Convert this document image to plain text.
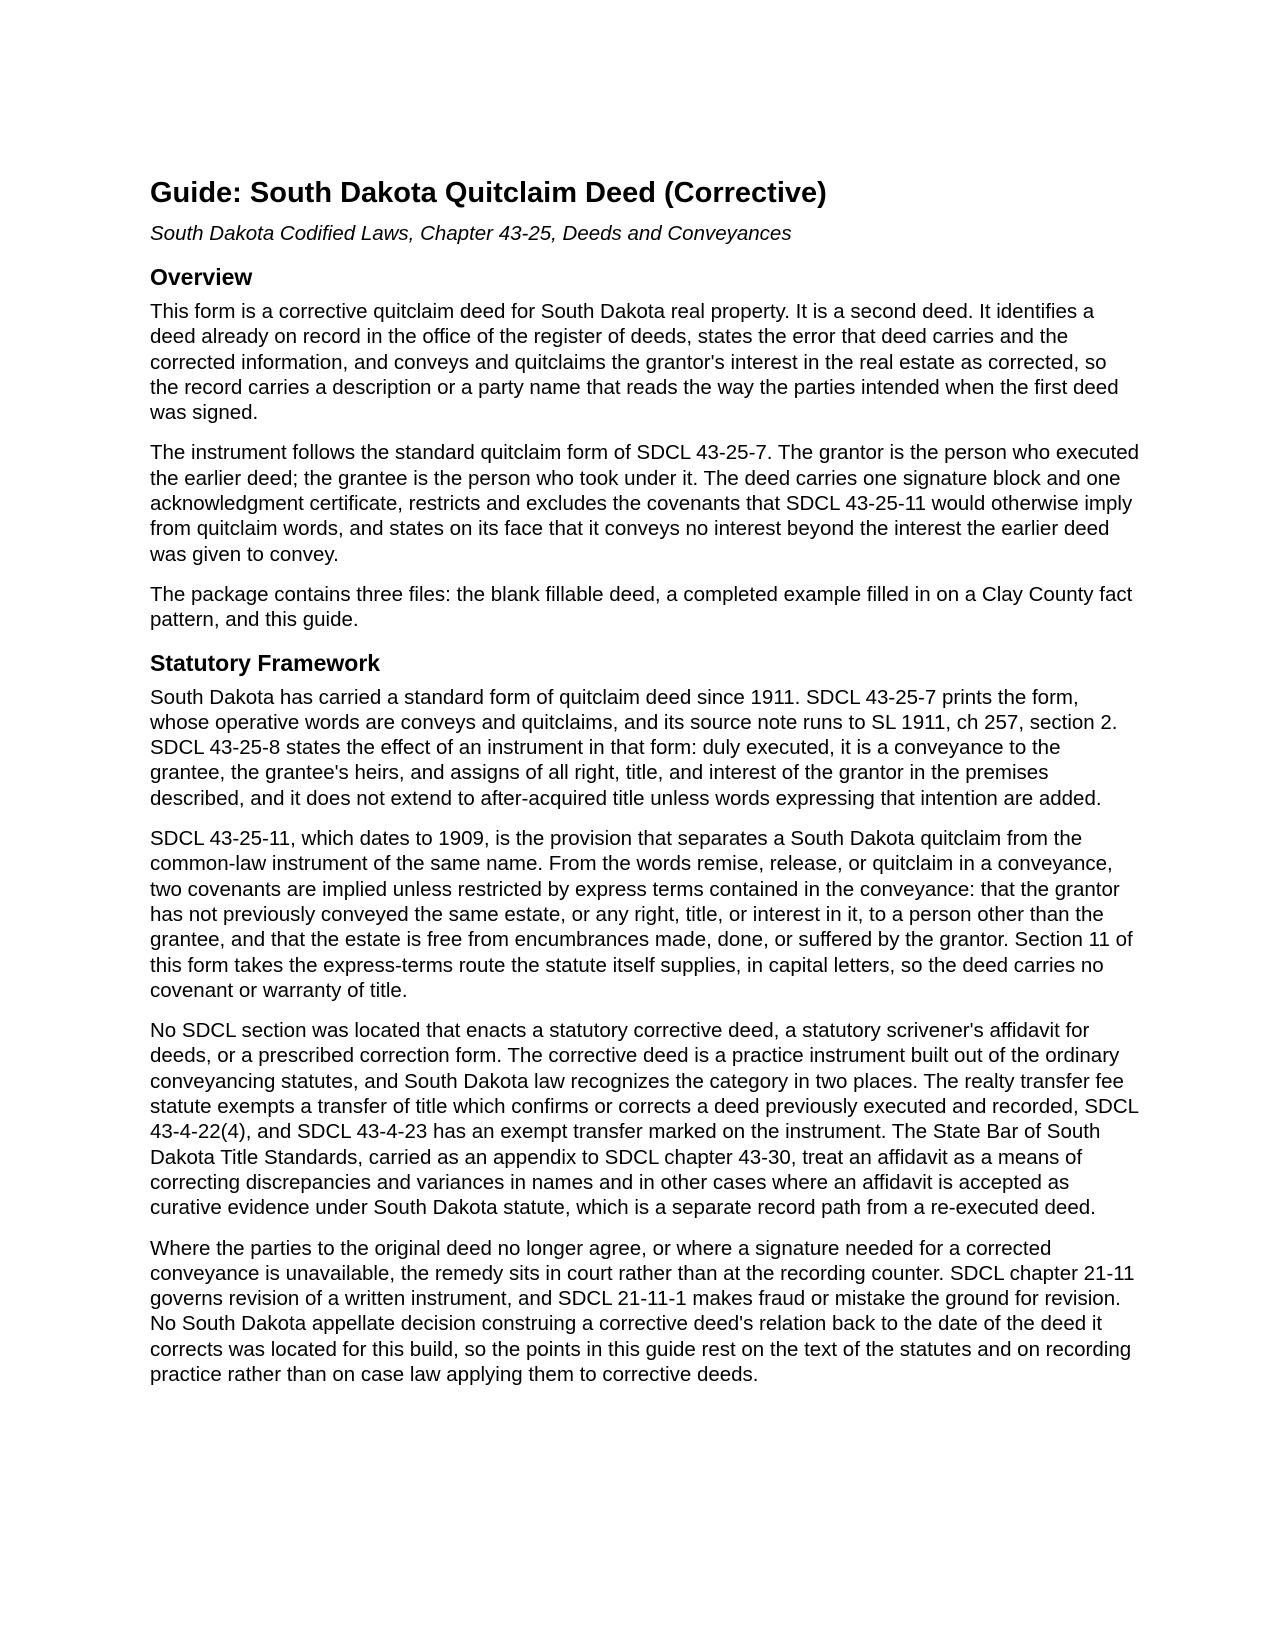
Guide: South Dakota Quitclaim Deed (Corrective)
South Dakota Codified Laws, Chapter 43-25, Deeds and Conveyances
Overview

This form is a corrective quitclaim deed for South Dakota real property. It is a second deed. It identifies a deed already on record in the office of the register of deeds, states the error that deed carries and the corrected information, and conveys and quitclaims the grantor's interest in the real estate as corrected, so the record carries a description or a party name that reads the way the parties intended when the first deed was signed.

The instrument follows the standard quitclaim form of SDCL 43-25-7. The grantor is the person who executed the earlier deed; the grantee is the person who took under it. The deed carries one signature block and one acknowledgment certificate, restricts and excludes the covenants that SDCL 43-25-11 would otherwise imply from quitclaim words, and states on its face that it conveys no interest beyond the interest the earlier deed was given to convey.

The package contains three files: the blank fillable deed, a completed example filled in on a Clay County fact pattern, and this guide.

Statutory Framework

South Dakota has carried a standard form of quitclaim deed since 1911. SDCL 43-25-7 prints the form, whose operative words are conveys and quitclaims, and its source note runs to SL 1911, ch 257, section 2. SDCL 43-25-8 states the effect of an instrument in that form: duly executed, it is a conveyance to the grantee, the grantee's heirs, and assigns of all right, title, and interest of the grantor in the premises described, and it does not extend to after-acquired title unless words expressing that intention are added.

SDCL 43-25-11, which dates to 1909, is the provision that separates a South Dakota quitclaim from the common-law instrument of the same name. From the words remise, release, or quitclaim in a conveyance, two covenants are implied unless restricted by express terms contained in the conveyance: that the grantor has not previously conveyed the same estate, or any right, title, or interest in it, to a person other than the grantee, and that the estate is free from encumbrances made, done, or suffered by the grantor. Section 11 of this form takes the express-terms route the statute itself supplies, in capital letters, so the deed carries no covenant or warranty of title.

No SDCL section was located that enacts a statutory corrective deed, a statutory scrivener's affidavit for deeds, or a prescribed correction form. The corrective deed is a practice instrument built out of the ordinary conveyancing statutes, and South Dakota law recognizes the category in two places. The realty transfer fee statute exempts a transfer of title which confirms or corrects a deed previously executed and recorded, SDCL 43-4-22(4), and SDCL 43-4-23 has an exempt transfer marked on the instrument. The State Bar of South Dakota Title Standards, carried as an appendix to SDCL chapter 43-30, treat an affidavit as a means of correcting discrepancies and variances in names and in other cases where an affidavit is accepted as curative evidence under South Dakota statute, which is a separate record path from a re-executed deed.

Where the parties to the original deed no longer agree, or where a signature needed for a corrected conveyance is unavailable, the remedy sits in court rather than at the recording counter. SDCL chapter 21-11 governs revision of a written instrument, and SDCL 21-11-1 makes fraud or mistake the ground for revision. No South Dakota appellate decision construing a corrective deed's relation back to the date of the deed it corrects was located for this build, so the points in this guide rest on the text of the statutes and on recording practice rather than on case law applying them to corrective deeds.
